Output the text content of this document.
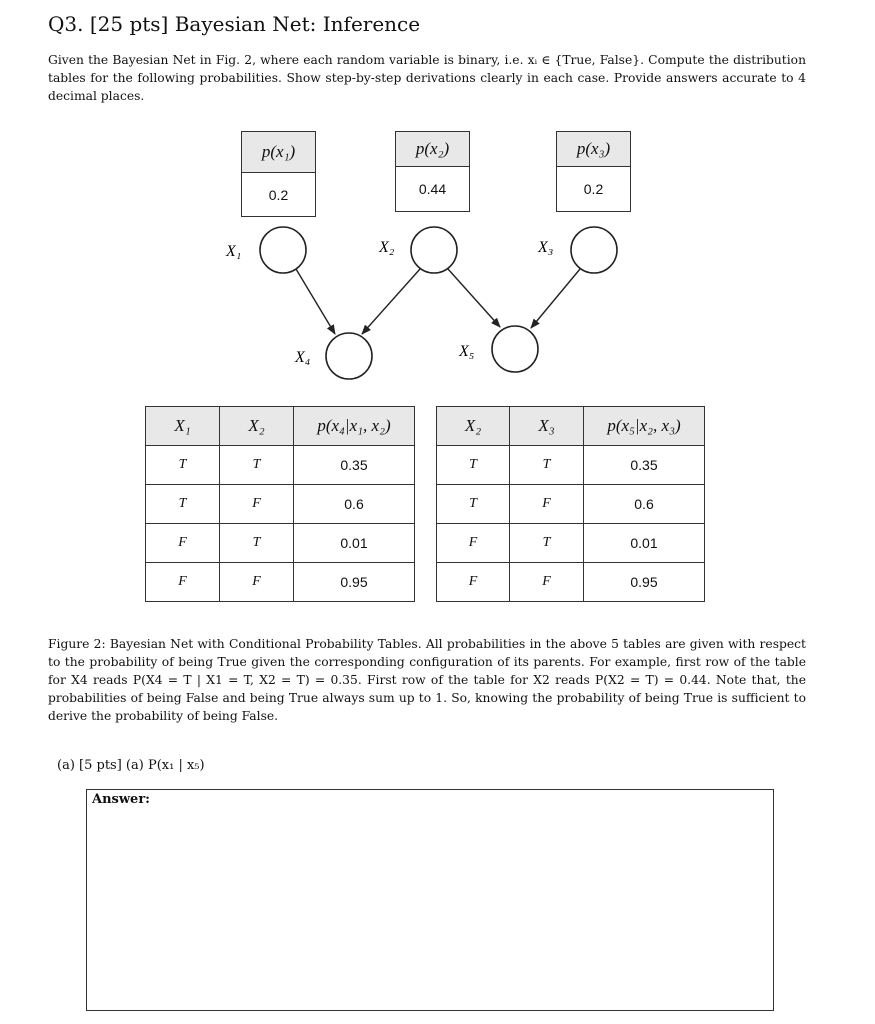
Q3. [25 pts] Bayesian Net: Inference
Given the Bayesian Net in Fig. 2, where each random variable is binary, i.e. xᵢ ∈ {True, False}. Compute the distribution tables for the following probabilities. Show step-by-step derivations clearly in each case. Provide answers accurate to 4 decimal places.
p(x₁)
0.2
p(x₂)
0.44
p(x₃)
0.2
X₁	X₂	X₃
X₄	X₅
X₁	X₂	p(x₄|x₁, x₂)
T	T	0.35
T	F	0.6
F	T	0.01
F	F	0.95
X₂	X₃	p(x₅|x₂, x₃)
T	T	0.35
T	F	0.6
F	T	0.01
F	F	0.95
Figure 2: Bayesian Net with Conditional Probability Tables. All probabilities in the above 5 tables are given with respect to the probability of being True given the corresponding configuration of its parents. For example, first row of the table for X4 reads P(X4 = T | X1 = T, X2 = T) = 0.35. First row of the table for X2 reads P(X2 = T) = 0.44. Note that, the probabilities of being False and being True always sum up to 1. So, knowing the probability of being True is sufficient to derive the probability of being False.
(a) [5 pts] (a) P(x₁ | x₅)
Answer:
